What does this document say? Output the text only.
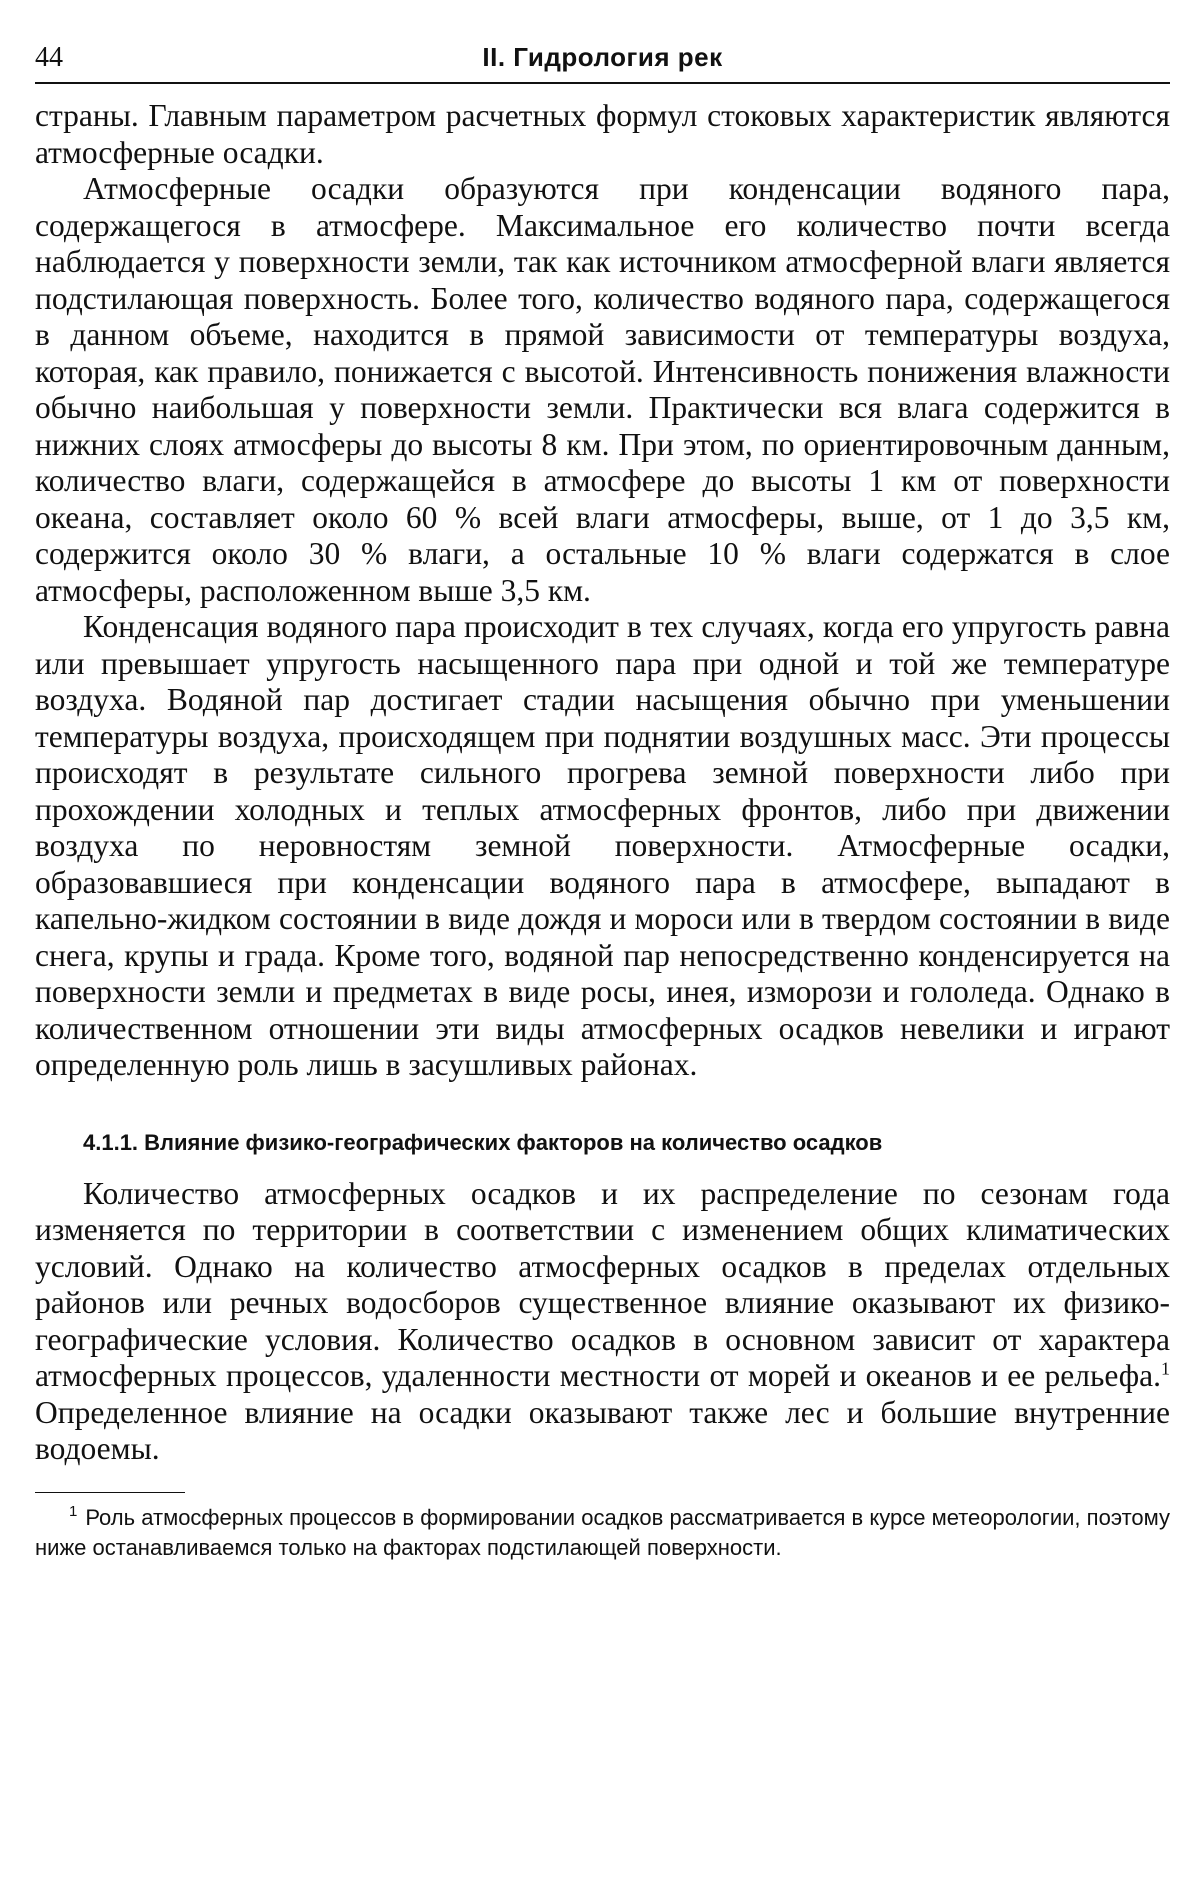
44	II. Гидрология рек

страны. Главным параметром расчетных формул стоковых характеристик являются атмосферные осадки.

Атмосферные осадки образуются при конденсации водяного пара, содержащегося в атмосфере. Максимальное его количество почти всегда наблюдается у поверхности земли, так как источником атмосферной влаги является подстилающая поверхность. Более того, количество водяного пара, содержащегося в данном объеме, находится в прямой зависимости от температуры воздуха, которая, как правило, понижается с высотой. Интенсивность понижения влажности обычно наибольшая у поверхности земли. Практически вся влага содержится в нижних слоях атмосферы до высоты 8 км. При этом, по ориентировочным данным, количество влаги, содержащейся в атмосфере до высоты 1 км от поверхности океана, составляет около 60 % всей влаги атмосферы, выше, от 1 до 3,5 км, содержится около 30 % влаги, а остальные 10 % влаги содержатся в слое атмосферы, расположенном выше 3,5 км.

Конденсация водяного пара происходит в тех случаях, когда его упругость равна или превышает упругость насыщенного пара при одной и той же температуре воздуха. Водяной пар достигает стадии насыщения обычно при уменьшении температуры воздуха, происходящем при поднятии воздушных масс. Эти процессы происходят в результате сильного прогрева земной поверхности либо при прохождении холодных и теплых атмосферных фронтов, либо при движении воздуха по неровностям земной поверхности. Атмосферные осадки, образовавшиеся при конденсации водяного пара в атмосфере, выпадают в капельно-жидком состоянии в виде дождя и мороси или в твердом состоянии в виде снега, крупы и града. Кроме того, водяной пар непосредственно конденсируется на поверхности земли и предметах в виде росы, инея, изморози и гололеда. Однако в количественном отношении эти виды атмосферных осадков невелики и играют определенную роль лишь в засушливых районах.

4.1.1. Влияние физико-географических факторов на количество осадков

Количество атмосферных осадков и их распределение по сезонам года изменяется по территории в соответствии с изменением общих климатических условий. Однако на количество атмосферных осадков в пределах отдельных районов или речных водосборов существенное влияние оказывают их физико-географические условия. Количество осадков в основном зависит от характера атмосферных процессов, удаленности местности от морей и океанов и ее рельефа.$^1$ Определенное влияние на осадки оказывают также лес и большие внутренние водоемы.

$^1$ Роль атмосферных процессов в формировании осадков рассматривается в курсе метеорологии, поэтому ниже останавливаемся только на факторах подстилающей поверхности.
